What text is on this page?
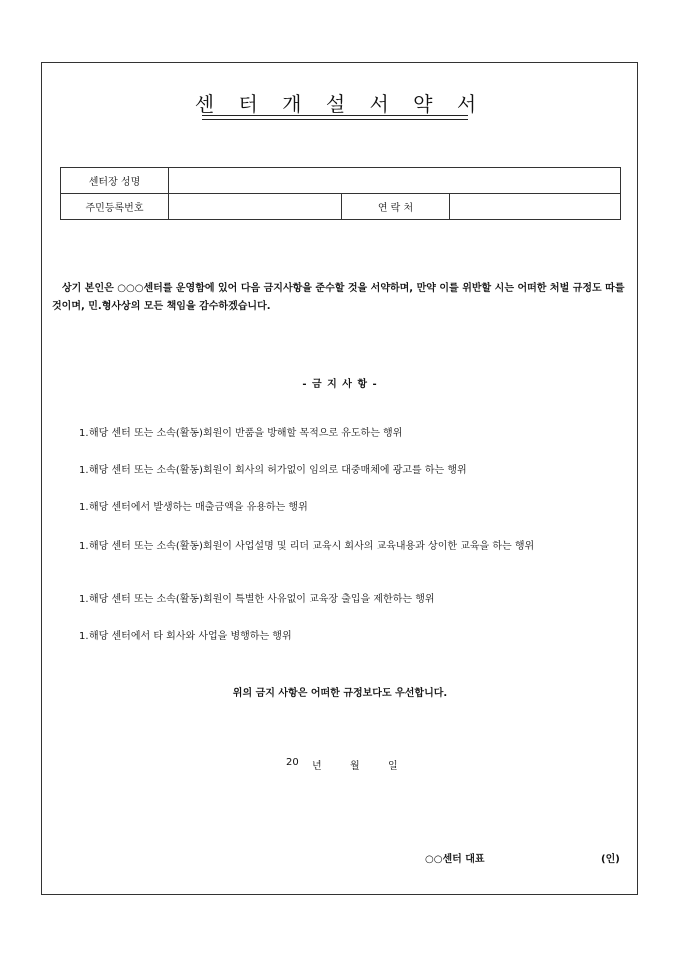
센 터 개 설 서 약 서
센터장 성명			
주민등록번호		연 락 처	
상기 본인은 ○○○센터를 운영함에 있어 다음 금지사항을 준수할 것을 서약하며, 만약 이를 위반할 시는 어떠한 처벌 규정도 따를 것이며, 민.형사상의 모든 책임을 감수하겠습니다.
- 금 지 사 항 -
1. 해당 센터 또는 소속(활동)회원이 반품을 방해할 목적으로 유도하는 행위
1. 해당 센터 또는 소속(활동)회원이 회사의 허가없이 임의로 대중매체에 광고를 하는 행위
1. 해당 센터에서 발생하는 매출금액을 유용하는 행위
1. 해당 센터 또는 소속(활동)회원이 사업설명 및 리더 교육시 회사의 교육내용과 상이한 교육을 하는 행위
1. 해당 센터 또는 소속(활동)회원이 특별한 사유없이 교육장 출입을 제한하는 행위
1. 해당 센터에서 타 회사와 사업을 병행하는 행위
위의 금지 사항은 어떠한 규정보다도 우선합니다.
20	년	월	일
○○센터 대표	(인)
